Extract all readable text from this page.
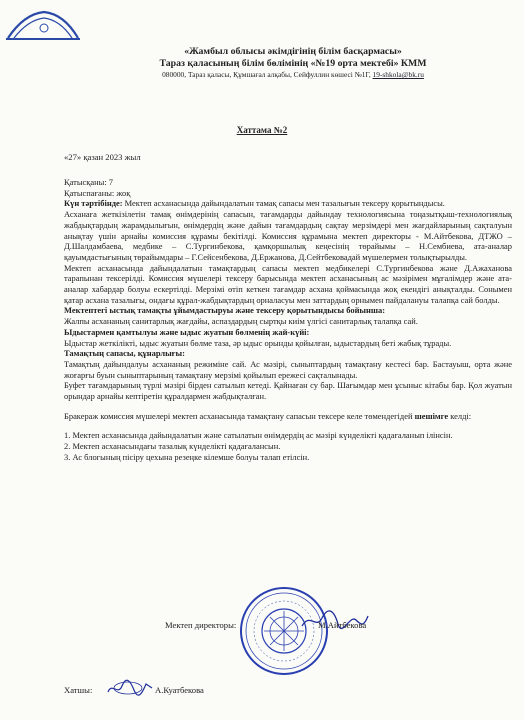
«Жамбыл облысы әкімдігінің білім басқармасы»
Тараз қаласының білім бөлімінің «№19 орта мектебі» КММ
080000, Тараз қаласы, Құмшағал алқабы, Сейфуллин көшесі №1Г, 19-shkola@bk.ru
Хаттама №2
«27» қазан 2023 жыл

Қатысқаны: 7

Қатыспағаны: жоқ

Күн тәртібінде: Мектеп асханасында дайындалатын тамақ сапасы мен тазалығын тексеру қорытындысы.

Асханаға жеткізілетін тамақ өнімдерінің сапасын, тағамдарды дайындау технологиясына тоңазытқыш-технологиялық жабдықтардың жарамдылығын, өнімдердің және дайын тағамдардың сақтау мерзімдері мен жағдайларының сақталуын анықтау үшін арнайы комиссия құрамы бекітілді. Комиссия құрамына мектеп директоры - М.Айтбекова, ДТЖО – Д.Шалдамбаева, медбике – С.Тургинбекова, қамқоршылық кеңесінің төрайымы – Н.Сембиева, ата-аналар қауымдастығының төрайымдары – Г.Сейсенбекова, Д.Ержанова, Д.Сейтбековадай мүшелермен толықтырылды.

Мектеп асханасында дайындалатын тамақтардың сапасы мектеп медбикелері С.Тургинбекова және Д.Ажаханова тарапынан тексерілді. Комиссия мүшелері тексеру барысында мектеп асханасының ас мәзірімен мұғалімдер және ата-аналар хабардар болуы ескертілді. Мерзімі өтіп кеткен тағамдар асхана қоймасында жоқ екендігі анықталды. Сонымен қатар асхана тазалығы, ондағы құрал-жабдықтардың орналасуы мен заттардың орнымен пайдалануы талапқа сай болды.

Мектептегі ыстық тамақты ұйымдастыруы және тексеру қорытындысы бойынша:

Жалпы асхананың санитарлық жағдайы, аспаздардың сыртқы киім үлгісі санитарлық талапқа сай.

Ыдыстармен қамтылуы және ыдыс жуатын бөлменің жай-күйі:

Ыдыстар жеткілікті, ыдыс жуатын бөлме таза, әр ыдыс орынды қойылған, ыдыстардың беті жабық тұрады.

Тамақтың сапасы, құнарлығы:

Тамақтың дайындалуы асхананың режиміне сай. Ас мәзірі, сыныптардың тамақтану кестесі бар. Бастауыш, орта және жоғарғы буын сыныптарының тамақтану мерзімі қойылып ережесі сақталынады.

Буфет тағамдарының түрлі мәзірі бірден сатылып кетеді. Қайнаған су бар. Шағымдар мен ұсыныс кітабы бар. Қол жуатын орындар арнайы кептіретін құралдармен жабдықталған.

Бракераж комиссия мүшелері мектеп асханасында тамақтану сапасын тексере келе төмендегідей шешімге келді:

1. Мектеп асханасында дайындалатын және сатылатын өнімдердің ас мәзірі күнделікті қадағаланып ілінсін.

2. Мектеп асханасындағы тазалық күнделікті қадағалансын.

3. Ас блогының пісіру цехына резеңке кілемше болуы талап етілсін.

Мектеп директоры:	М.Айтбекова
Хатшы:	А.Куатбекова
